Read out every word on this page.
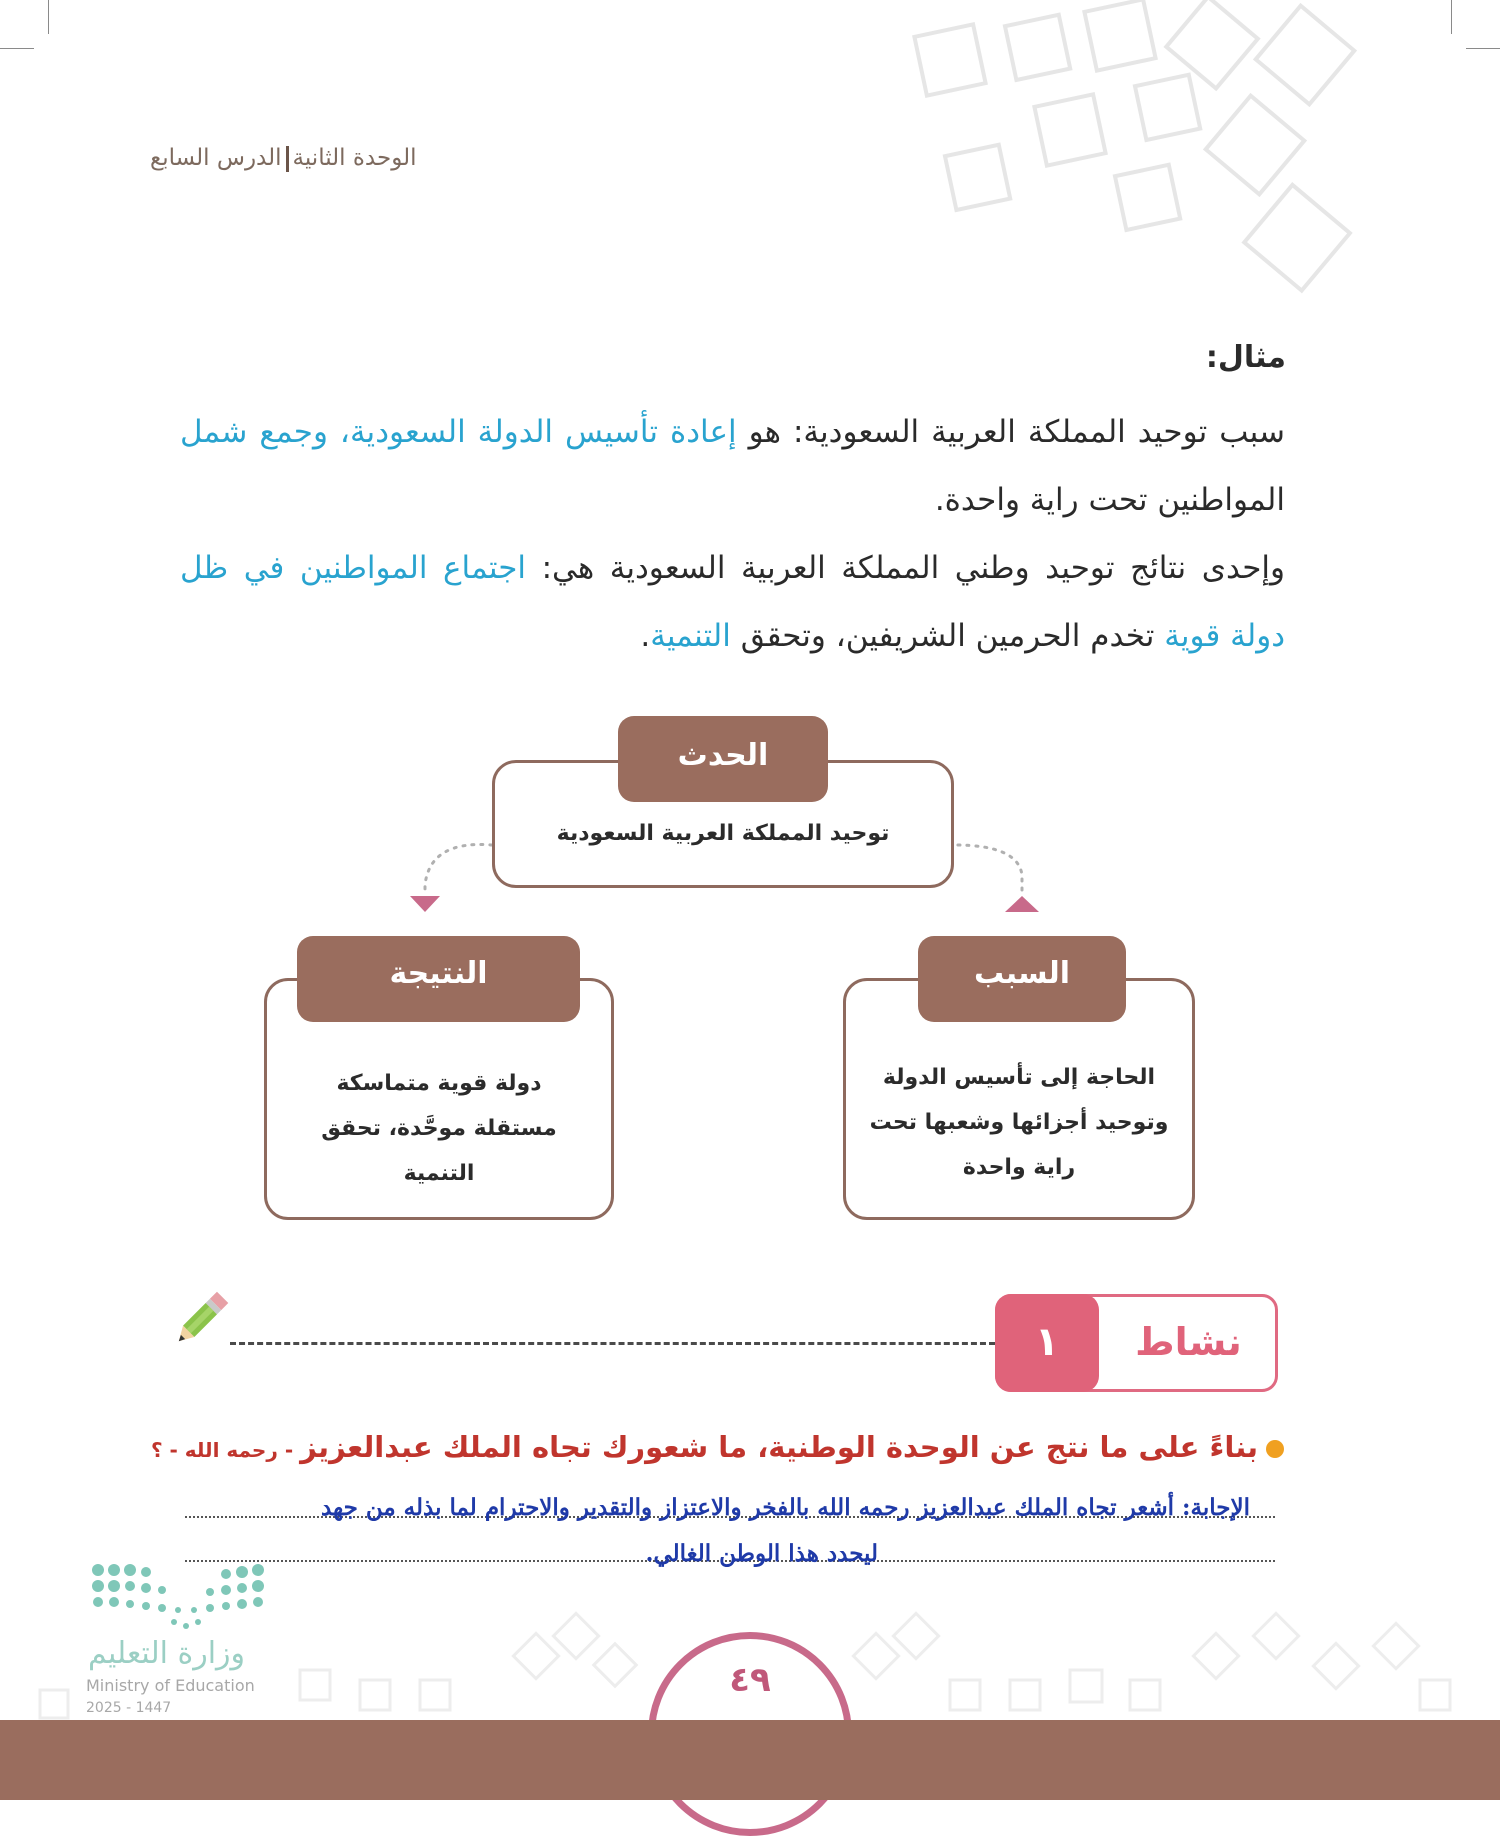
الوحدة الثانيةالدرس السابع
مثال:

سبب توحيد المملكة العربية السعودية: هو إعادة تأسيس الدولة السعودية، وجمع شمل المواطنين تحت راية واحدة.

وإحدى نتائج توحيد وطني المملكة العربية السعودية هي: اجتماع المواطنين في ظل دولة قوية تخدم الحرمين الشريفين، وتحقق التنمية.

توحيد المملكة العربية السعودية
الحدث
دولة قوية متماسكة
مستقلة موحَّدة، تحقق
التنمية
النتيجة
الحاجة إلى تأسيس الدولة
وتوحيد أجزائها وشعبها تحت
راية واحدة
السبب
١	نشاط
بناءً على ما نتج عن الوحدة الوطنية، ما شعورك تجاه الملك عبدالعزيز - رحمه الله - ؟
الإجابة: أشعر تجاه الملك عبدالعزيز رحمه الله بالفخر والاعتزاز والتقدير والاحترام لما بذله من جهد
ليحدد هذا الوطن الغالي.
وزارة التعليم
Ministry of Education
2025 - 1447
٤٩
